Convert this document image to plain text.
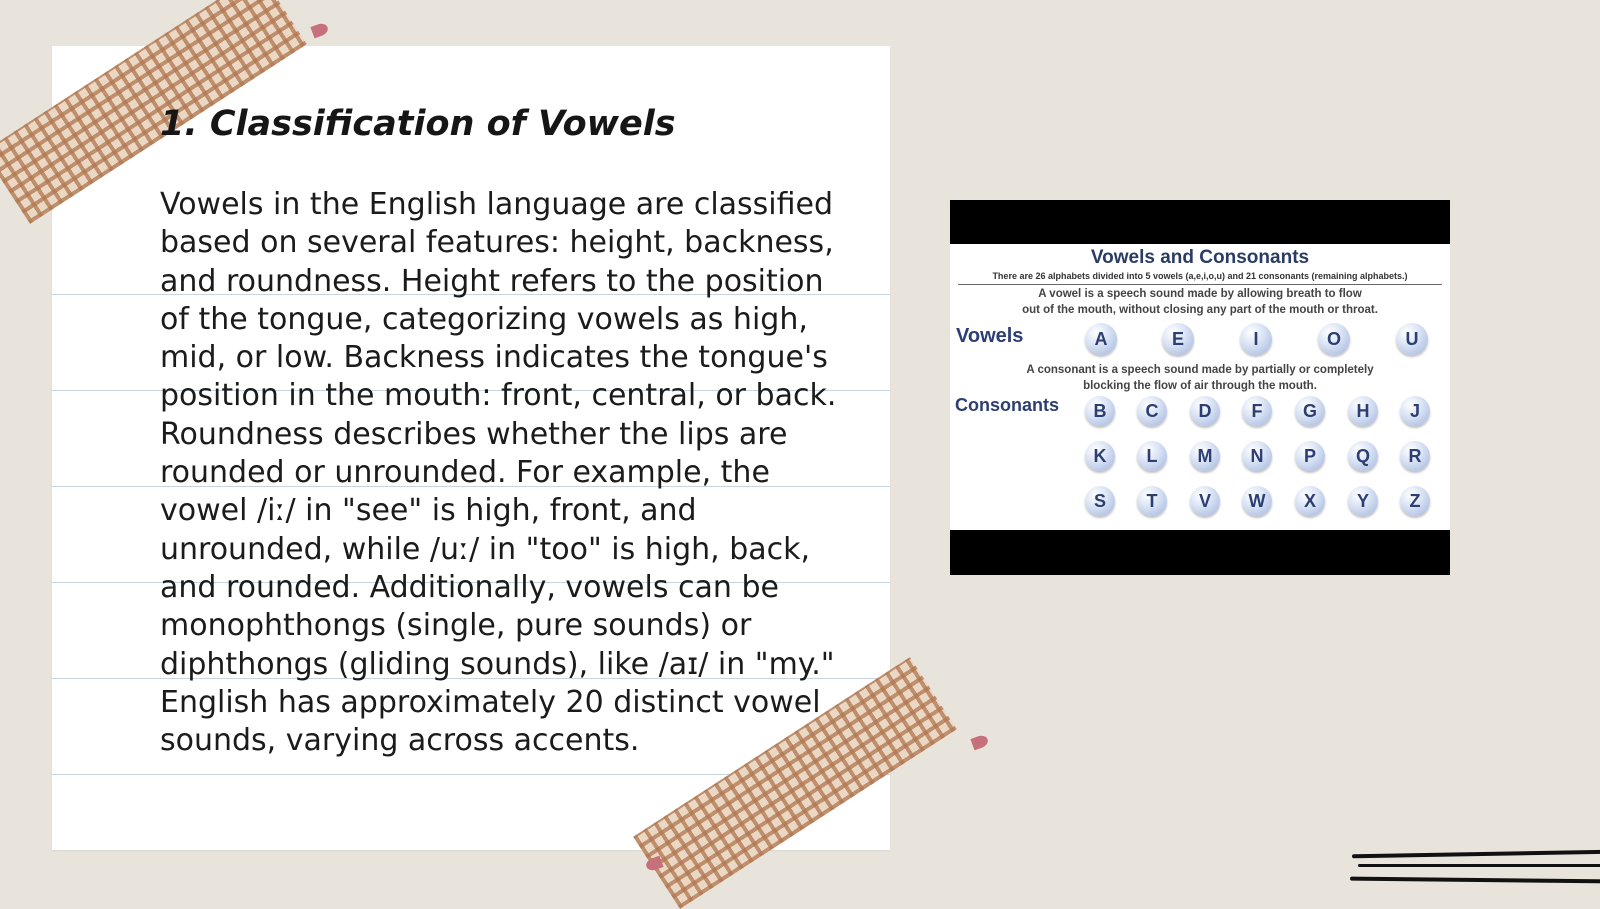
1. Classification of Vowels

Vowels in the English language are classified based on several features: height, backness, and roundness. Height refers to the position of the tongue, categorizing vowels as high, mid, or low. Backness indicates the tongue's position in the mouth: front, central, or back. Roundness describes whether the lips are rounded or unrounded. For example, the vowel /iː/ in "see" is high, front, and unrounded, while /uː/ in "too" is high, back, and rounded. Additionally, vowels can be monophthongs (single, pure sounds) or diphthongs (gliding sounds), like /aɪ/ in "my." English has approximately 20 distinct vowel sounds, varying across accents.

Vowels and Consonants
There are 26 alphabets divided into 5 vowels (a,e,i,o,u) and 21 consonants (remaining alphabets.)
A vowel is a speech sound made by allowing breath to flow
out of the mouth, without closing any part of the mouth or throat.
Vowels
A consonant is a speech sound made by partially or completely
blocking the flow of air through the mouth.
Consonants
A	E	I	O	U
B	C	D	F	G	H	J
K	L	M	N	P	Q	R
S	T	V	W	X	Y	Z
